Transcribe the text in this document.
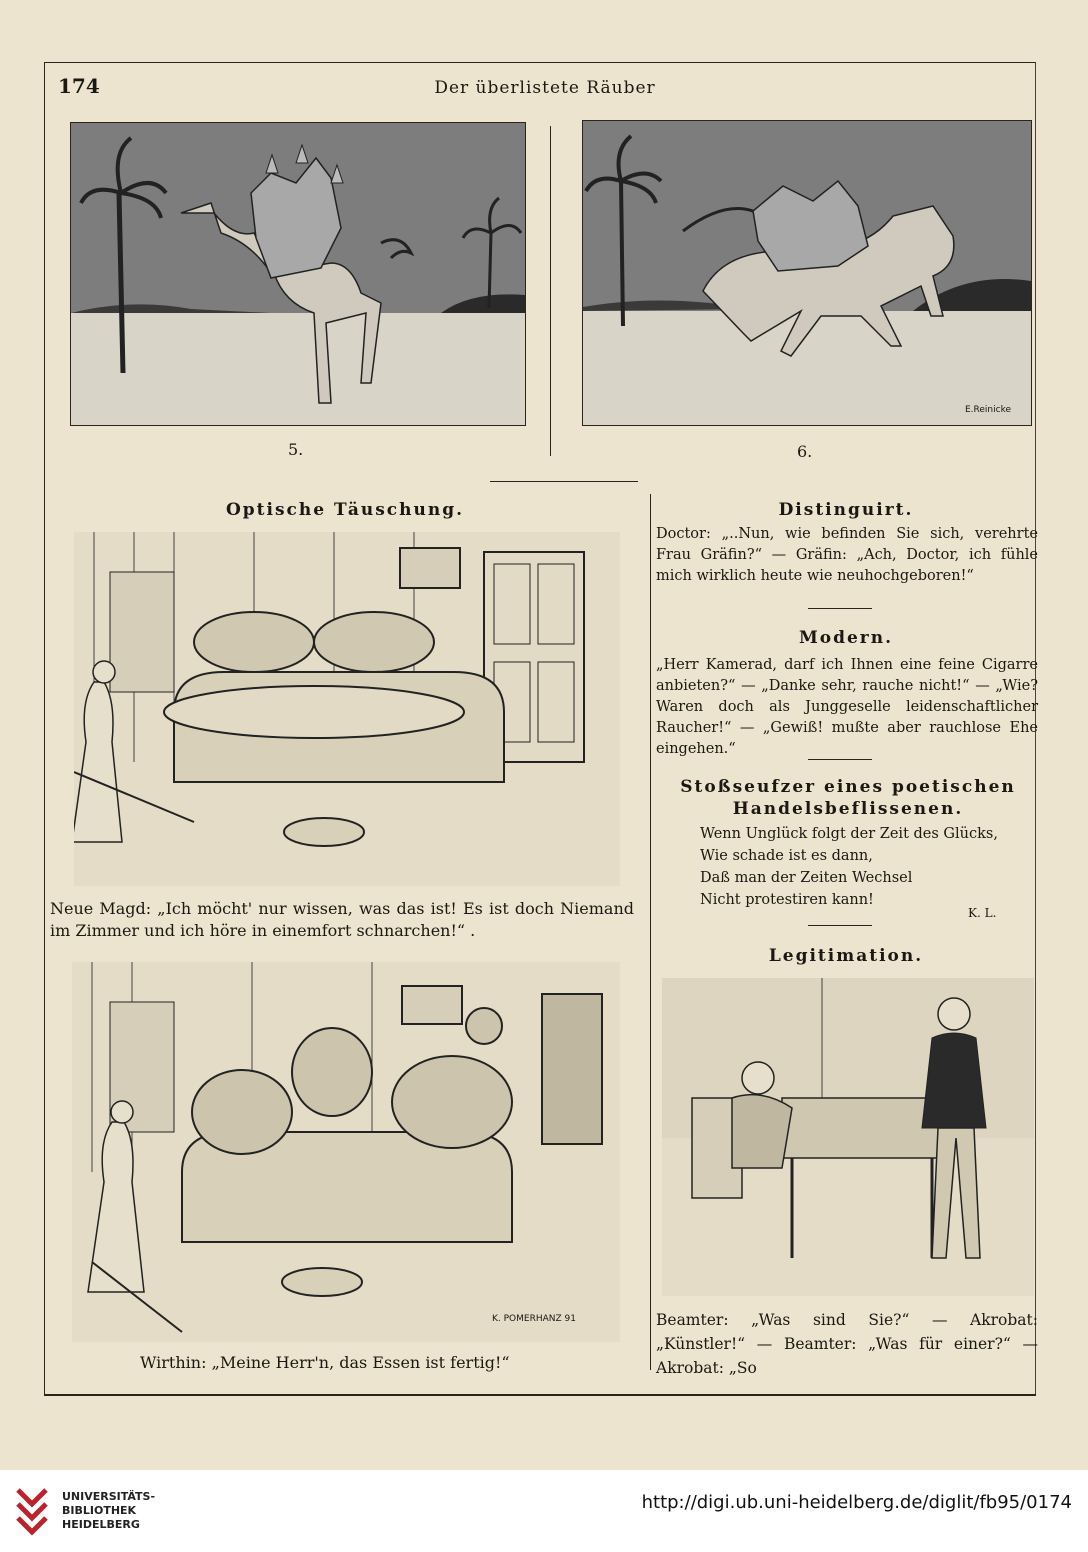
174	Der überlistete Räuber
5.
E.Reinicke
6.
Optische Täuschung.
Neue Magd: „Ich möcht' nur wissen, was das ist! Es ist doch Niemand im Zimmer und ich höre in einemfort schnarchen!“ .
K. POMERHANZ 91
Wirthin: „Meine Herr'n, das Essen ist fertig!“
Distinguirt.
Doctor: „..Nun, wie befinden Sie sich, verehrte Frau Gräfin?“ — Gräfin: „Ach, Doctor, ich fühle mich wirklich heute wie neuhochgeboren!“
Modern.
„Herr Kamerad, darf ich Ihnen eine feine Cigarre anbieten?“ — „Danke sehr, rauche nicht!“ — „Wie? Waren doch als Junggeselle leidenschaftlicher Raucher!“ — „Gewiß! mußte aber rauchlose Ehe eingehen.“
Stoßseufzer eines poetischen Handelsbeflissenen.
Wenn Unglück folgt der Zeit des Glücks,
Wie schade ist es dann,
Daß man der Zeiten Wechsel
Nicht protestiren kann!
K. L.
Legitimation.
Beamter: „Was sind Sie?“ — Akrobat: „Künstler!“ — Beamter: „Was für einer?“ — Akrobat: „So
UNIVERSITÄTS-
BIBLIOTHEK
HEIDELBERG
http://digi.ub.uni-heidelberg.de/diglit/fb95/0174
